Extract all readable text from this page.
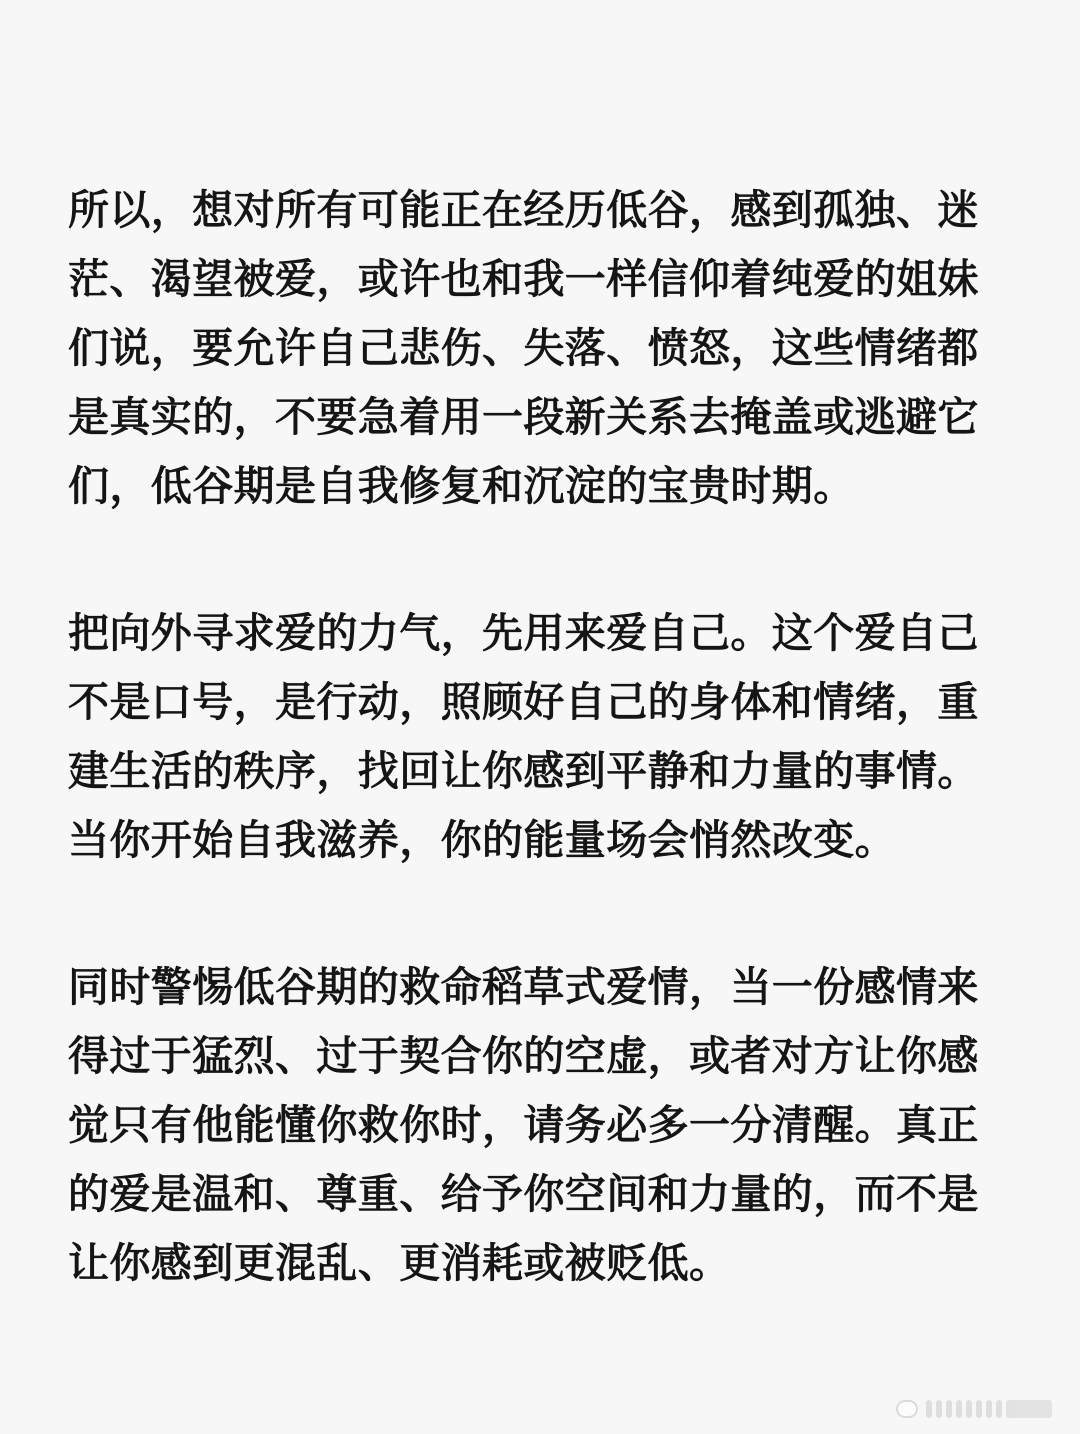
所以，想对所有可能正在经历低谷，感到孤独、迷
茫、渴望被爱，或许也和我一样信仰着纯爱的姐妹
们说，要允许自己悲伤、失落、愤怒，这些情绪都
是真实的，不要急着用一段新关系去掩盖或逃避它
们，低谷期是自我修复和沉淀的宝贵时期。

把向外寻求爱的力气，先用来爱自己。这个爱自己
不是口号，是行动，照顾好自己的身体和情绪，重
建生活的秩序，找回让你感到平静和力量的事情。
当你开始自我滋养，你的能量场会悄然改变。

同时警惕低谷期的救命稻草式爱情，当一份感情来
得过于猛烈、过于契合你的空虚，或者对方让你感
觉只有他能懂你救你时，请务必多一分清醒。真正
的爱是温和、尊重、给予你空间和力量的，而不是
让你感到更混乱、更消耗或被贬低。
